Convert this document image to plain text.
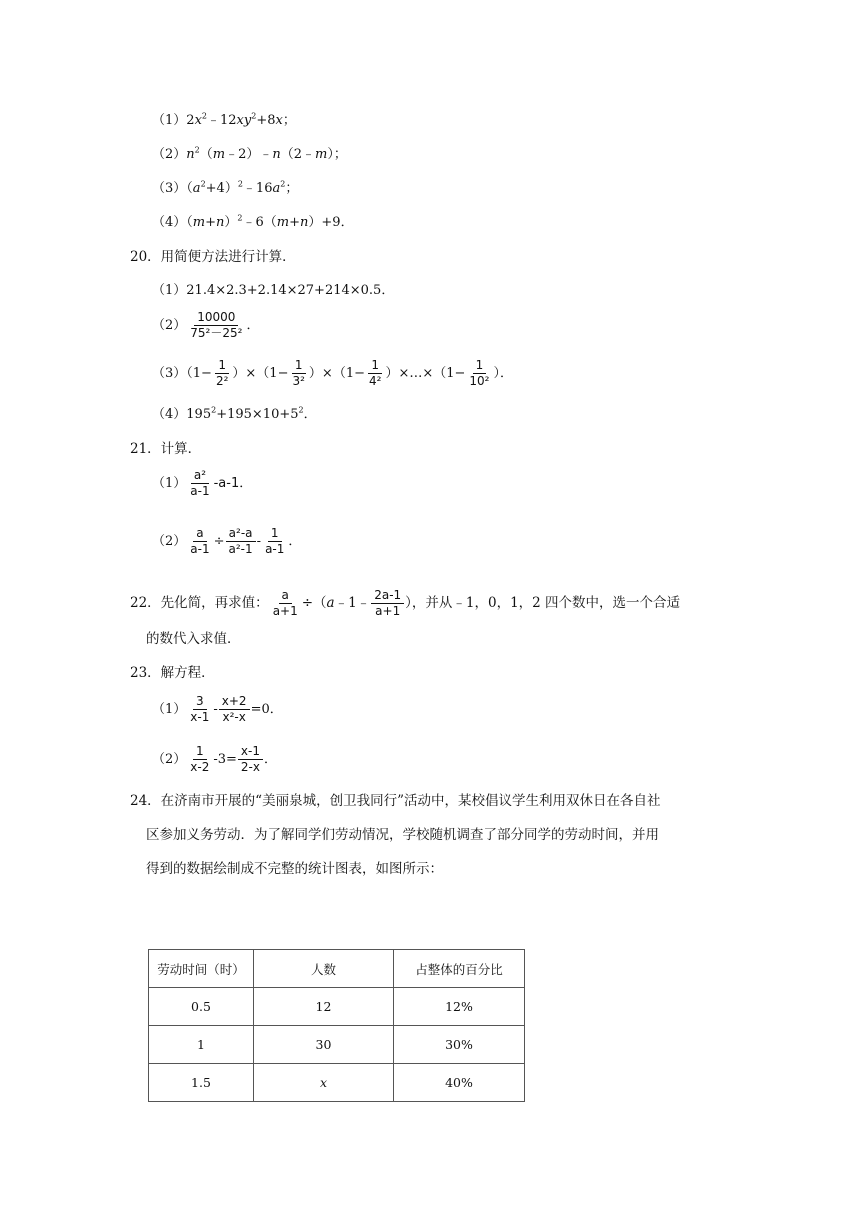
$(1)2x^2﹣12xy^2+8x$；
$(2)n^2(m﹣2)﹣n(2﹣m)$；
$(3)(a^2+4)^2﹣16a^2$；
$(4)(m+n)^2﹣6(m+n)+9$．
20．用简便方法进行计算．
（1）21.4×2.3+2.14×27+214×0.5．
$(2) \frac{10000}{\text{75²－25²}}$ ．
$(3)(1- \frac{1}{\text{2²}} )\times(1- \frac{1}{\text{3²}} )\times(1- \frac{1}{\text{4²}}$ ）×…×（1− $\frac{1}{\text{10²}}$ ）．
$(4)195^2+195\times 10+5^2$．
21．计算．
$(1) \frac{\text{a²}}{a-1} -a-1$．
$(2) \frac{a}{a-1} \div \frac{\text{a²-a}}{\text{a²-1}} - \frac{1}{a-1}$ ．
22．先化简，再求值： $\frac{a}{a+1}$ ÷（a﹣1﹣ $\frac{2a-1}{a+1}$ ），并从﹣1，0，1，2 四个数中，选一个合适
的数代入求值．
23．解方程．
$(1) \frac{3}{x-1} - \frac{x+2}{\text{x²-x}} =0$．
$(2) \frac{1}{x-2} -3= \frac{x-1}{2-x}$ ．
24．在济南市开展的“美丽泉城，创卫我同行”活动中，某校倡议学生利用双休日在各自社
区参加义务劳动．为了解同学们劳动情况，学校随机调查了部分同学的劳动时间，并用
得到的数据绘制成不完整的统计图表，如图所示：
劳动时间（时）	人数	占整体的百分比
0.5	12	12%
1	30	30%
1.5	x	40%
